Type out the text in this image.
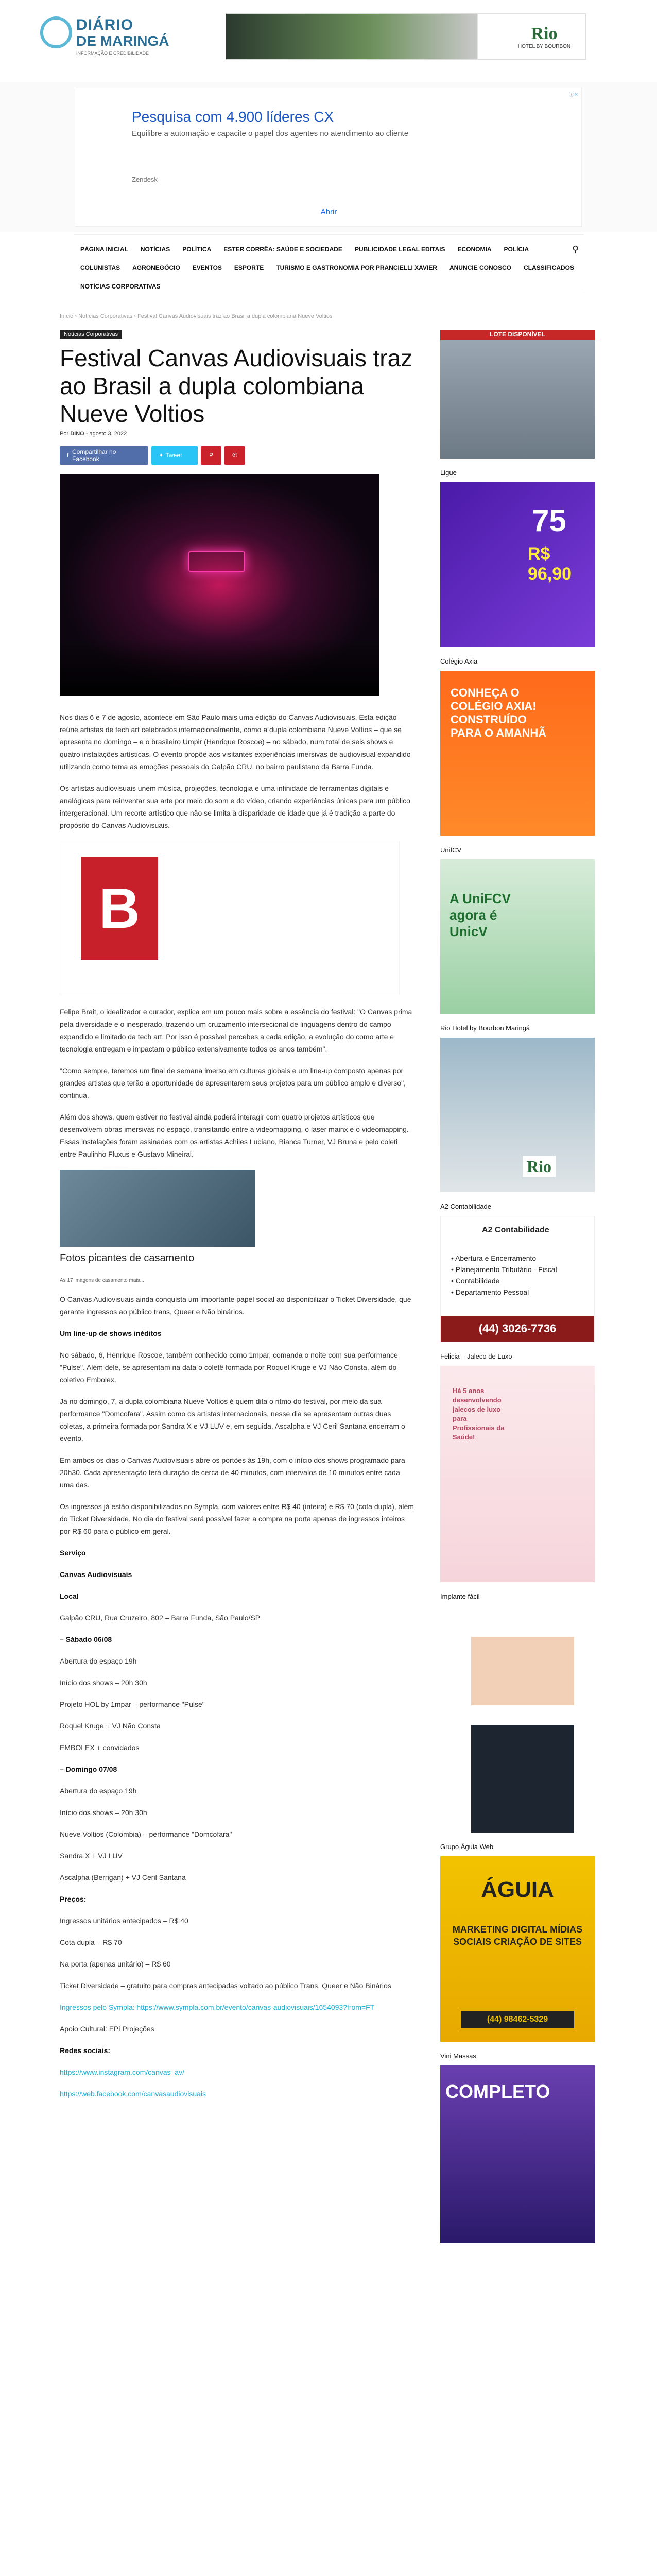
DIÁRIO
DE MARINGÁ
INFORMAÇÃO E CREDIBILIDADE
Rio
HOTEL BY BOURBON
ⓘ✕
Pesquisa com 4.900 líderes CX
Equilibre a automação e capacite o papel dos agentes no atendimento ao cliente
Zendesk
Abrir
PÁGINA INICIAL	NOTÍCIAS	POLÍTICA	ESTER CORRÊA: SAÚDE E SOCIEDADE	PUBLICIDADE LEGAL EDITAIS	ECONOMIA	POLÍCIA
COLUNISTAS	AGRONEGÓCIO	EVENTOS	ESPORTE	TURISMO E GASTRONOMIA POR PRANCIELLI XAVIER	ANUNCIE CONOSCO	CLASSIFICADOS
NOTÍCIAS CORPORATIVAS
⚲
Início › Notícias Corporativas › Festival Canvas Audiovisuais traz ao Brasil a dupla colombiana Nueve Voltios
Notícias Corporativas
Festival Canvas Audiovisuais traz ao Brasil a dupla colombiana Nueve Voltios
Por DINO - agosto 3, 2022
f Compartilhar no Facebook	✦ Tweet	P	✆

Nos dias 6 e 7 de agosto, acontece em São Paulo mais uma edição do Canvas Audiovisuais. Esta edição reúne artistas de tech art celebrados internacionalmente, como a dupla colombiana Nueve Voltios – que se apresenta no domingo – e o brasileiro Umpir (Henrique Roscoe) – no sábado, num total de seis shows e quatro instalações artísticas. O evento propõe aos visitantes experiências imersivas de audiovisual expandido utilizando como tema as emoções pessoais do Galpão CRU, no bairro paulistano da Barra Funda.

Os artistas audiovisuais unem música, projeções, tecnologia e uma infinidade de ferramentas digitais e analógicas para reinventar sua arte por meio do som e do vídeo, criando experiências únicas para um público intergeracional. Um recorte artístico que não se limita à disparidade de idade que já é tradição a parte do propósito do Canvas Audiovisuais.

B

Felipe Brait, o idealizador e curador, explica em um pouco mais sobre a essência do festival: "O Canvas prima pela diversidade e o inesperado, trazendo um cruzamento intersecional de linguagens dentro do campo expandido e limitado da tech art. Por isso é possível percebes a cada edição, a evolução do como arte e tecnologia entregam e impactam o público extensivamente todos os anos também".

"Como sempre, teremos um final de semana imerso em culturas globais e um line-up composto apenas por grandes artistas que terão a oportunidade de apresentarem seus projetos para um público amplo e diverso", continua.

Além dos shows, quem estiver no festival ainda poderá interagir com quatro projetos artísticos que desenvolvem obras imersivas no espaço, transitando entre a videomapping, o laser mainx e o videomapping. Essas instalações foram assinadas com os artistas Achiles Luciano, Bianca Turner, VJ Bruna e pelo coleti entre Paulinho Fluxus e Gustavo Mineiral.

Fotos picantes de casamento
As 17 imagens de casamento mais...

O Canvas Audiovisuais ainda conquista um importante papel social ao disponibilizar o Ticket Diversidade, que garante ingressos ao público trans, Queer e Não binários.

Um line-up de shows inéditos

No sábado, 6, Henrique Roscoe, também conhecido como 1mpar, comanda o noite com sua performance "Pulse". Além dele, se apresentam na data o coletê formada por Roquel Kruge e VJ Não Consta, além do coletivo Embolex.

Já no domingo, 7, a dupla colombiana Nueve Voltios é quem dita o ritmo do festival, por meio da sua performance "Domcofara". Assim como os artistas internacionais, nesse dia se apresentam outras duas coletas, a primeira formada por Sandra X e VJ LUV e, em seguida, Ascalpha e VJ Ceril Santana encerram o evento.

Em ambos os dias o Canvas Audiovisuais abre os portões às 19h, com o início dos shows programado para 20h30. Cada apresentação terá duração de cerca de 40 minutos, com intervalos de 10 minutos entre cada uma das.

Os ingressos já estão disponibilizados no Sympla, com valores entre R$ 40 (inteira) e R$ 70 (cota dupla), além do Ticket Diversidade. No dia do festival será possível fazer a compra na porta apenas de ingressos inteiros por R$ 60 para o público em geral.

Serviço

Canvas Audiovisuais

Local

Galpão CRU, Rua Cruzeiro, 802 – Barra Funda, São Paulo/SP

– Sábado 06/08

Abertura do espaço 19h

Início dos shows – 20h 30h

Projeto HOL by 1mpar – performance "Pulse"

Roquel Kruge + VJ Não Consta

EMBOLEX + convidados

– Domingo 07/08

Abertura do espaço 19h

Início dos shows – 20h 30h

Nueve Voltios (Colombia) – performance "Domcofara"

Sandra X + VJ LUV

Ascalpha (Berrigan) + VJ Ceril Santana

Preços:

Ingressos unitários antecipados – R$ 40

Cota dupla – R$ 70

Na porta (apenas unitário) – R$ 60

Ticket Diversidade – gratuito para compras antecipadas voltado ao público Trans, Queer e Não Binários

Ingressos pelo Sympla: https://www.sympla.com.br/evento/canvas-audiovisuais/1654093?from=FT

Apoio Cultural: EPi Projeções

Redes sociais:

https://www.instagram.com/canvas_av/

https://web.facebook.com/canvasaudiovisuais

LOTE DISPONÍVEL
Ligue
75
R$ 96,90
Colégio Axia
CONHEÇA O COLÉGIO AXIA! CONSTRUÍDO PARA O AMANHÃ
UnifCV
A UniFCV agora é UnicV
Rio Hotel by Bourbon Maringá
Rio
A2 Contabilidade
A2 Contabilidade
• Abertura e Encerramento
• Planejamento Tributário - Fiscal
• Contabilidade
• Departamento Pessoal
(44) 3026-7736
Felicia – Jaleco de Luxo
Há 5 anos desenvolvendo jalecos de luxo para Profissionais da Saúde!
Implante fácil
Grupo Águia Web
ÁGUIA
MARKETING DIGITAL MÍDIAS SOCIAIS CRIAÇÃO DE SITES
(44) 98462-5329
Vini Massas
COMPLETO
